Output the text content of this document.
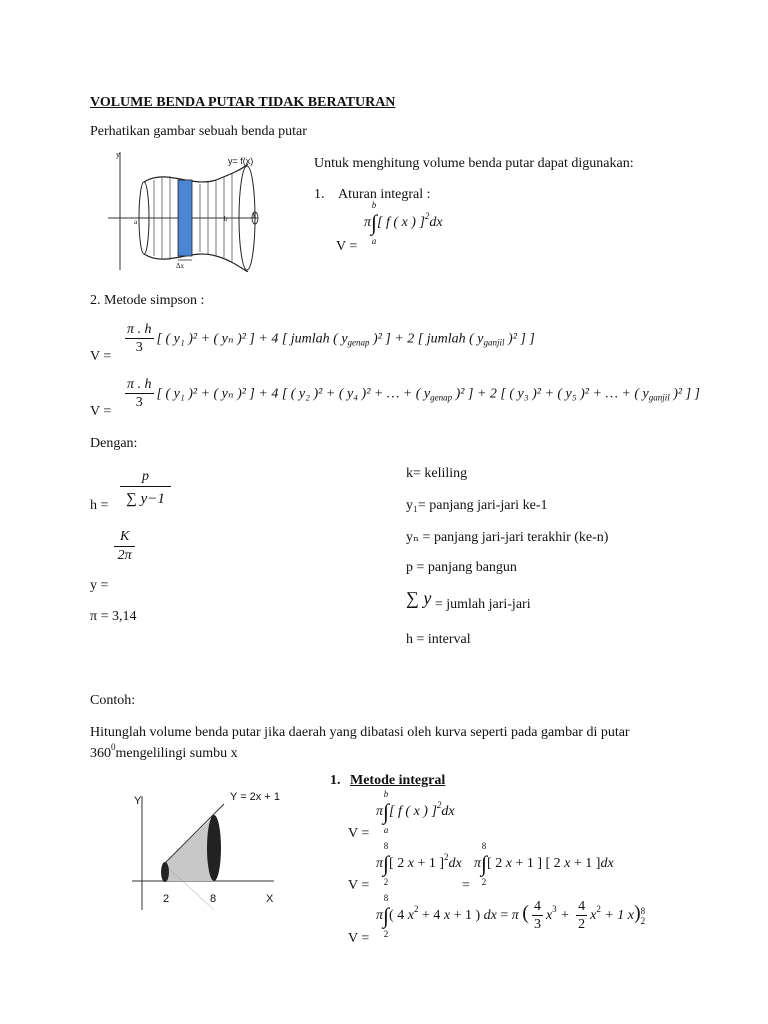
VOLUME BENDA PUTAR TIDAK BERATURAN
Perhatikan gambar sebuah benda putar
y
y= f(x)
a	b	x
Δx
Untuk menghitung volume benda putar dapat digunakan:
1. Aturan integral :
π
b
∫
a
[ f ( x ) ]$^2$dx
V =
2. Metode simpson :
$V = \frac{\pi . h}{3}$ [ ( y₁ )² + ( yₙ )² ] + 4 [ jumlah ( $y_{genap}$ )² ] + 2 [ jumlah ( $y_{ganjil}$ )² ] ]
$V = \frac{\pi . h}{3}$ [ ( y₁ )² + ( yₙ )² ] + 4 [ ( y₂ )² + ( y₄ )² + … + ( $y_{genap}$ )² ] + 2 [ ( y₃ )² + ( y₅ )² + … + ( $y_{ganjil}$ )² ] ]
Dengan:
$h = \frac{p}{\sum y-1}$
$\frac{K}{2\pi}$
y =
π = 3,14
k= keliling
y₁= panjang jari-jari ke-1
yₙ = panjang jari-jari terakhir (ke-n)
p = panjang bangun
∑ y = jumlah jari-jari
h = interval
Contoh:
Hitunglah volume benda putar jika daerah yang dibatasi oleh kurva seperti pada gambar di putar
$360^0mengelilingi$ sumbu x
Y = 2x + 1
Y
2	8	X
1. Metode integral
π
b
∫
a
[ f ( x ) ]$^2$dx
V =
π
8
∫
2
[ 2 x + 1 ]$^2$dx
V =	=
π
8
∫
2
[ 2 x + 1 ] [ 2 x + 1 ]dx
π
8
∫
2
( 4 $x^2 + 4$ x + 1 ) dx = π ( $\frac{4}{3} x^3 + \frac{4}{2} x^2 + 1$ x) 8
2
V =
